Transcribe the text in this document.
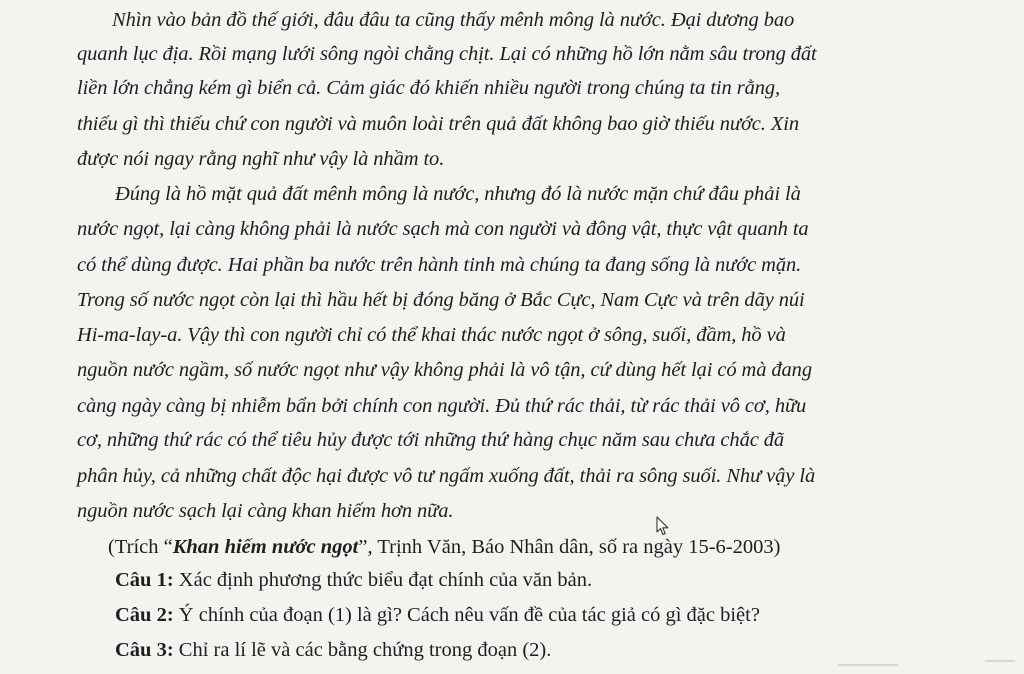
Nhìn vào bản đồ thế giới, đâu đâu ta cũng thấy mênh mông là nước. Đại dương bao
quanh lục địa. Rồi mạng lưới sông ngòi chằng chịt. Lại có những hồ lớn nằm sâu trong đất
liền lớn chẳng kém gì biển cả. Cảm giác đó khiến nhiều người trong chúng ta tin rằng,
thiếu gì thì thiếu chứ con người và muôn loài trên quả đất không bao giờ thiếu nước. Xin
được nói ngay rằng nghĩ như vậy là nhầm to.
Đúng là hồ mặt quả đất mênh mông là nước, nhưng đó là nước mặn chứ đâu phải là
nước ngọt, lại càng không phải là nước sạch mà con người và đông vật, thực vật quanh ta
có thể dùng được. Hai phần ba nước trên hành tinh mà chúng ta đang sống là nước mặn.
Trong số nước ngọt còn lại thì hầu hết bị đóng băng ở Bắc Cực, Nam Cực và trên dãy núi
Hi-ma-lay-a. Vậy thì con người chỉ có thể khai thác nước ngọt ở sông, suối, đầm, hồ và
nguồn nước ngầm, số nước ngọt như vậy không phải là vô tận, cứ dùng hết lại có mà đang
càng ngày càng bị nhiễm bẩn bởi chính con người. Đủ thứ rác thải, từ rác thải vô cơ, hữu
cơ, những thứ rác có thể tiêu hủy được tới những thứ hàng chục năm sau chưa chắc đã
phân hủy, cả những chất độc hại được vô tư ngấm xuống đất, thải ra sông suối. Như vậy là
nguồn nước sạch lại càng khan hiếm hơn nữa.
(Trích “Khan hiếm nước ngọt”, Trịnh Văn, Báo Nhân dân, số ra ngày 15-6-2003)
Câu 1: Xác định phương thức biểu đạt chính của văn bản.
Câu 2: Ý chính của đoạn (1) là gì? Cách nêu vấn đề của tác giả có gì đặc biệt?
Câu 3: Chỉ ra lí lẽ và các bằng chứng trong đoạn (2).
